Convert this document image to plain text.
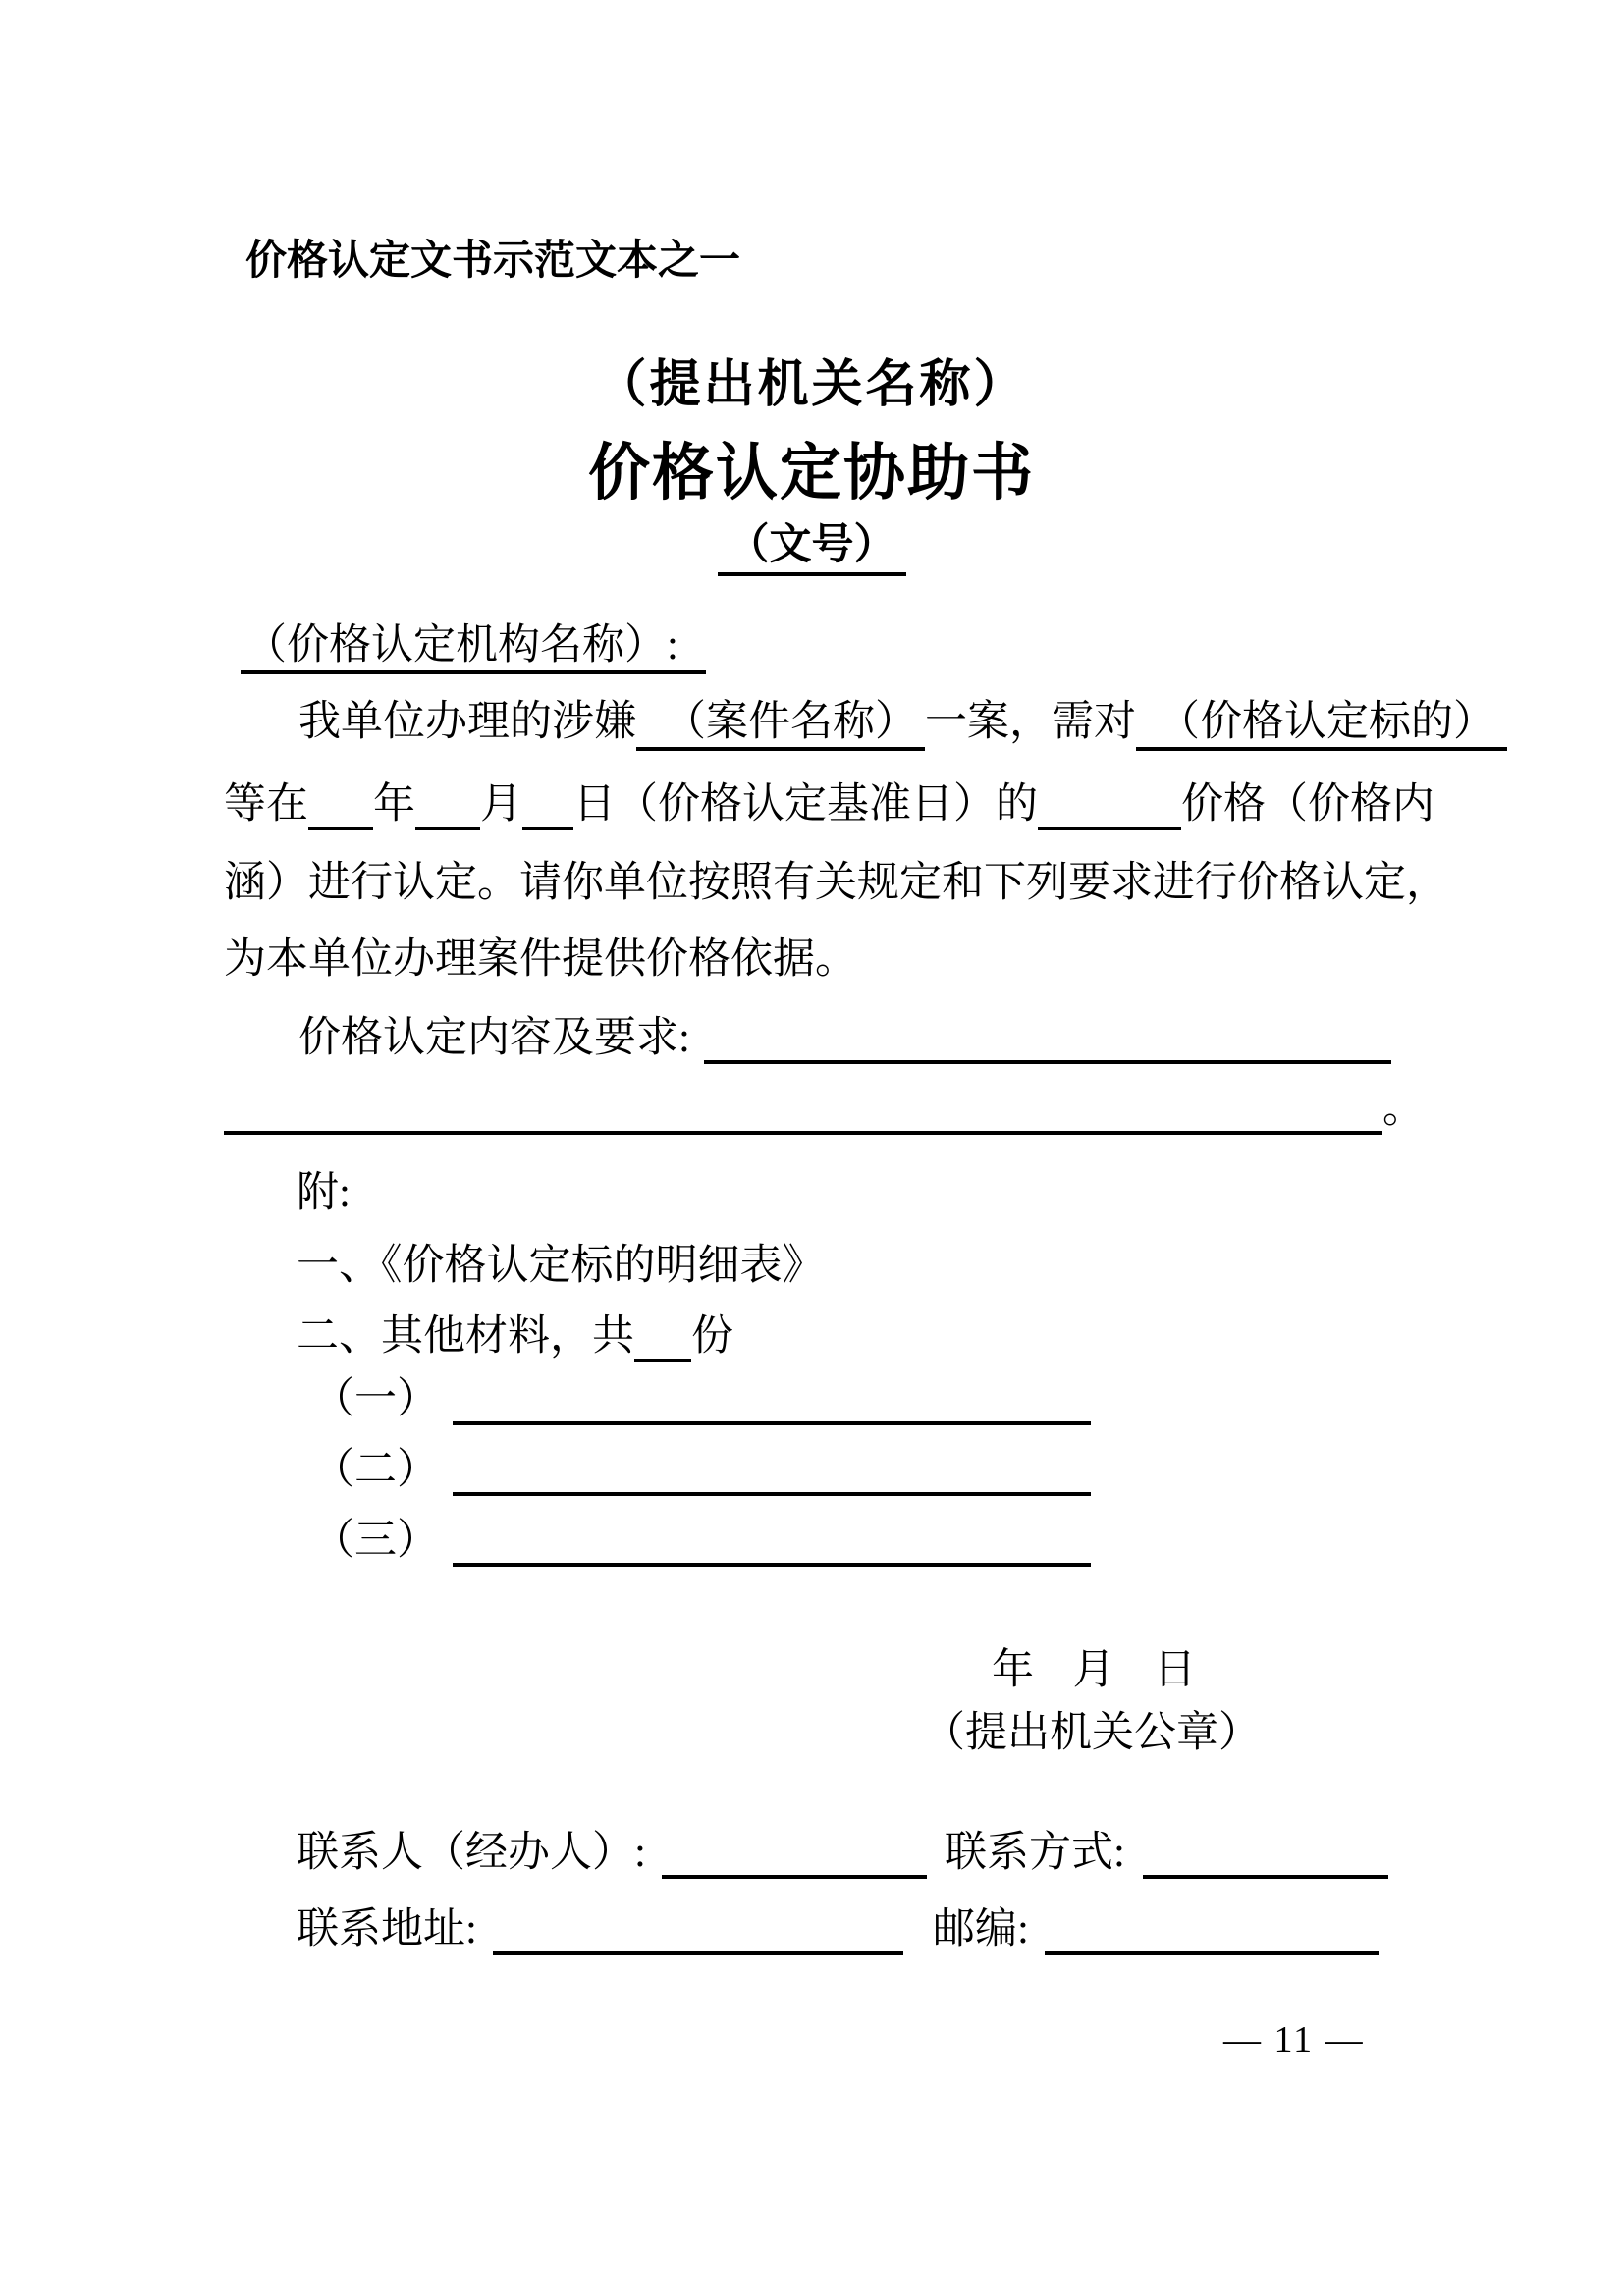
价格认定文书示范文本之一
（提出机关名称）
价格认定协助书
（文号）
（价格认定机构名称）:
我单位办理的涉嫌 （案件名称） 一案，需对 （价格认定标的）
等在 年 月 日（价格认定基准日）的	价格（价格内
涵）进行认定。请你单位按照有关规定和下列要求进行价格认定，
为本单位办理案件提供价格依据。
价格认定内容及要求:
。
附:
一、《价格认定标的明细表》
二、其他材料，共 份
（一）
（二）
（三）
年 月 日
（提出机关公章）
联系人（经办人）:	联系方式:
联系地址:	邮编:
— 11 —
